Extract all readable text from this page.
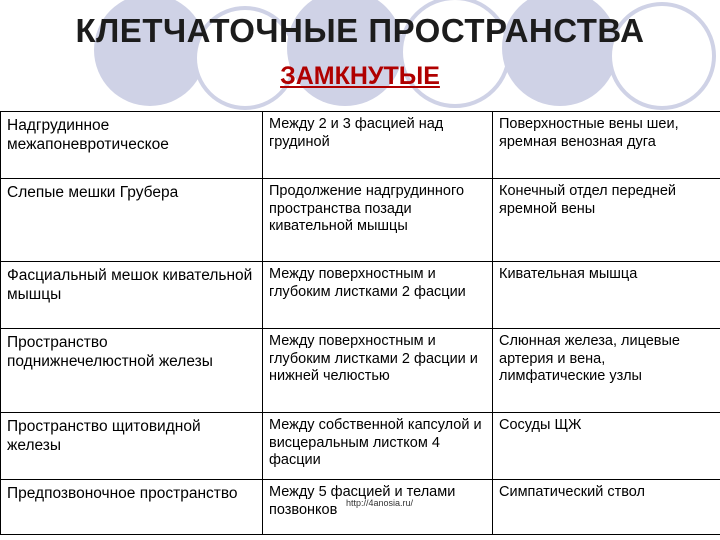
КЛЕТЧАТОЧНЫЕ ПРОСТРАНСТВА
ЗАМКНУТЫЕ
Надгрудинное межапоневротическое	Между 2 и 3 фасцией над грудиной	Поверхностные вены шеи, яремная венозная дуга
Слепые мешки Грубера	Продолжение надгрудинного пространства позади кивательной мышцы	Конечный отдел передней яремной вены
Фасциальный мешок кивательной мышцы	Между поверхностным и глубоким листками 2 фасции	Кивательная мышца
Пространство поднижнечелюстной железы	Между поверхностным и глубоким листками 2 фасции и нижней челюстью	Слюнная железа, лицевые артерия и вена, лимфатические узлы
Пространство щитовидной железы	Между собственной капсулой и висцеральным листком 4 фасции	Сосуды ЩЖ
Предпозвоночное пространство	Между 5 фасцией и телами позвонков	Симпатический ствол
http://4anosia.ru/
